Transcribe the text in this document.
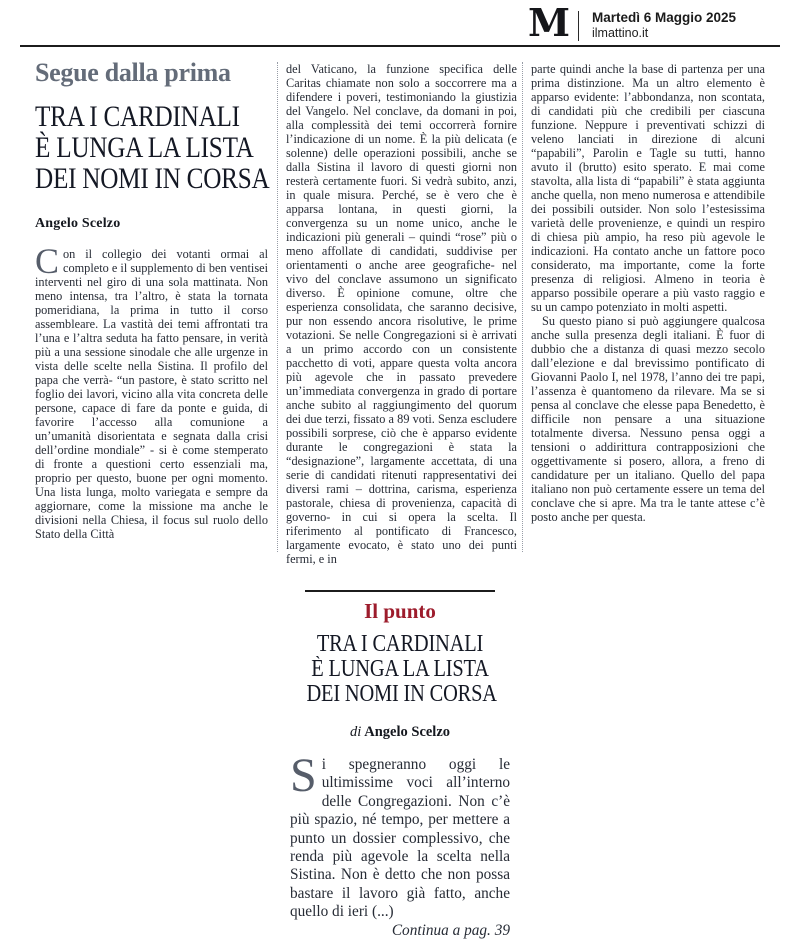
M Martedì 6 Maggio 2025
ilmattino.it
Segue dalla prima
TRA I CARDINALI
È LUNGA LA LISTA
DEI NOMI IN CORSA
Angelo Scelzo

Con il collegio dei votanti ormai al completo e il supplemento di ben ventisei interventi nel giro di una sola mattinata. Non meno intensa, tra l’altro, è stata la tornata pomeridiana, la prima in tutto il corso assembleare. La vastità dei temi affrontati tra l’una e l’altra seduta ha fatto pensare, in verità più a una sessione sinodale che alle urgenze in vista delle scelte nella Sistina. Il profilo del papa che verrà- “un pastore, è stato scritto nel foglio dei lavori, vicino alla vita concreta delle persone, capace di fare da ponte e guida, di favorire l’accesso alla comunione a un’umanità disorientata e segnata dalla crisi dell’ordine mondiale” - si è come stemperato di fronte a questioni certo essenziali ma, proprio per questo, buone per ogni momento. Una lista lunga, molto variegata e sempre da aggiornare, come la missione ma anche le divisioni nella Chiesa, il focus sul ruolo dello Stato della Città

del Vaticano, la funzione specifica delle Caritas chiamate non solo a soccorrere ma a difendere i poveri, testimoniando la giustizia del Vangelo. Nel conclave, da domani in poi, alla complessità dei temi occorrerà fornire l’indicazione di un nome. È la più delicata (e solenne) delle operazioni possibili, anche se dalla Sistina il lavoro di questi giorni non resterà certamente fuori. Si vedrà subito, anzi, in quale misura. Perché, se è vero che è apparsa lontana, in questi giorni, la convergenza su un nome unico, anche le indicazioni più generali – quindi “rose” più o meno affollate di candidati, suddivise per orientamenti o anche aree geografiche- nel vivo del conclave assumono un significato diverso. È opinione comune, oltre che esperienza consolidata, che saranno decisive, pur non essendo ancora risolutive, le prime votazioni. Se nelle Congregazioni si è arrivati a un primo accordo con un consistente pacchetto di voti, appare questa volta ancora più agevole che in passato prevedere un’immediata convergenza in grado di portare anche subito al raggiungimento del quorum dei due terzi, fissato a 89 voti. Senza escludere possibili sorprese, ciò che è apparso evidente durante le congregazioni è stata la “designazione”, largamente accettata, di una serie di candidati ritenuti rappresentativi dei diversi rami – dottrina, carisma, esperienza pastorale, chiesa di provenienza, capacità di governo- in cui si opera la scelta. Il riferimento al pontificato di Francesco, largamente evocato, è stato uno dei punti fermi, e in

parte quindi anche la base di partenza per una prima distinzione. Ma un altro elemento è apparso evidente: l’abbondanza, non scontata, di candidati più che credibili per ciascuna funzione. Neppure i preventivati schizzi di veleno lanciati in direzione di alcuni “papabili”, Parolin e Tagle su tutti, hanno avuto il (brutto) esito sperato. E mai come stavolta, alla lista di “papabili” è stata aggiunta anche quella, non meno numerosa e attendibile dei possibili outsider. Non solo l’estesissima varietà delle provenienze, e quindi un respiro di chiesa più ampio, ha reso più agevole le indicazioni. Ha contato anche un fattore poco considerato, ma importante, come la forte presenza di religiosi. Almeno in teoria è apparso possibile operare a più vasto raggio e su un campo potenziato in molti aspetti.

Su questo piano si può aggiungere qualcosa anche sulla presenza degli italiani. È fuor di dubbio che a distanza di quasi mezzo secolo dall’elezione e dal brevissimo pontificato di Giovanni Paolo I, nel 1978, l’anno dei tre papi, l’assenza è quantomeno da rilevare. Ma se si pensa al conclave che elesse papa Benedetto, è difficile non pensare a una situazione totalmente diversa. Nessuno pensa oggi a tensioni o addirittura contrapposizioni che oggettivamente si posero, allora, a freno di candidature per un italiano. Quello del papa italiano non può certamente essere un tema del conclave che si apre. Ma tra le tante attese c’è posto anche per questa.

Il punto
TRA I CARDINALI
È LUNGA LA LISTA
DEI NOMI IN CORSA
di Angelo Scelzo

Si spegneranno oggi le ultimissime voci all’interno delle Congregazioni. Non c’è più spazio, né tempo, per mettere a punto un dossier complessivo, che renda più agevole la scelta nella Sistina. Non è detto che non possa bastare il lavoro già fatto, anche quello di ieri (...)
Continua a pag. 39
